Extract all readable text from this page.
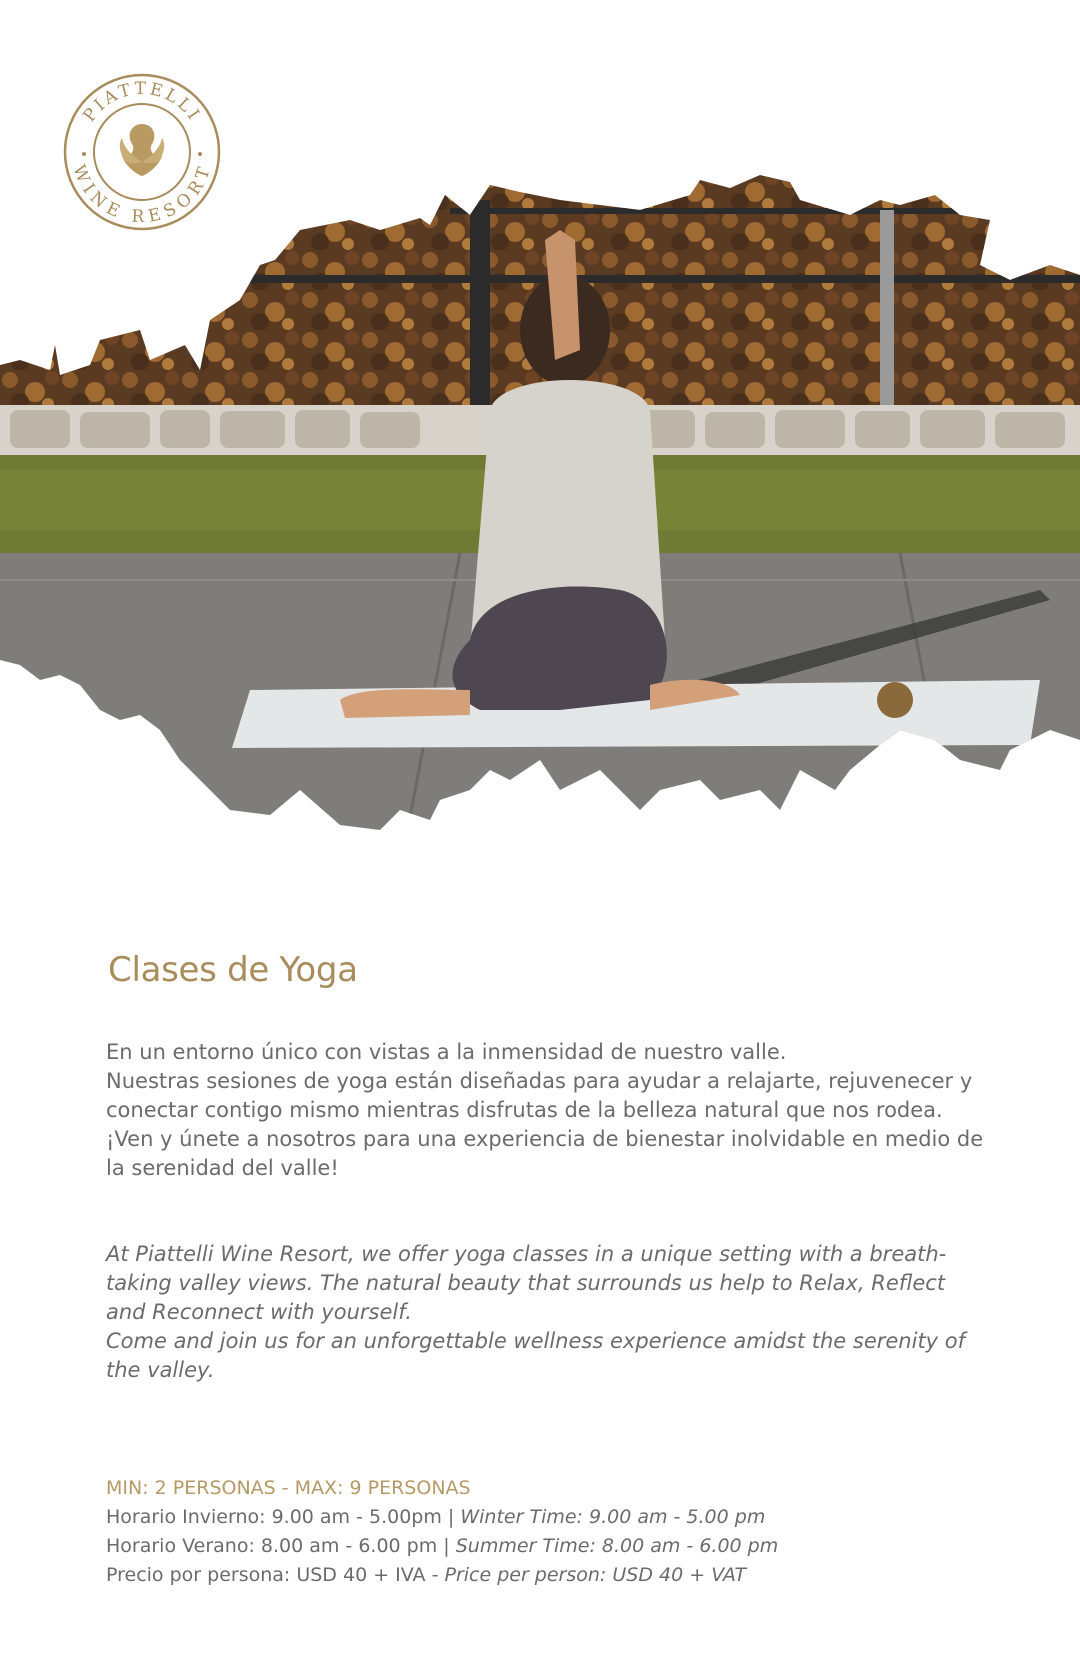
PIATTELLI
WINE RESORT
Clases de Yoga

En un entorno único con vistas a la inmensidad de nuestro valle.

Nuestras sesiones de yoga están diseñadas para ayudar a relajarte, rejuvenecer y conectar contigo mismo mientras disfrutas de la belleza natural que nos rodea.

¡Ven y únete a nosotros para una experiencia de bienestar inolvidable en medio de la serenidad del valle!

At Piattelli Wine Resort, we offer yoga classes in a unique setting with a breath-taking valley views. The natural beauty that surrounds us help to Relax, Reflect and Reconnect with yourself.

Come and join us for an unforgettable wellness experience amidst the serenity of the valley.

MIN: 2 PERSONAS - MAX: 9 PERSONAS
Horario Invierno: 9.00 am - 5.00pm | Winter Time: 9.00 am - 5.00 pm
Horario Verano: 8.00 am - 6.00 pm | Summer Time: 8.00 am - 6.00 pm
Precio por persona: USD 40 + IVA - Price per person: USD 40 + VAT
